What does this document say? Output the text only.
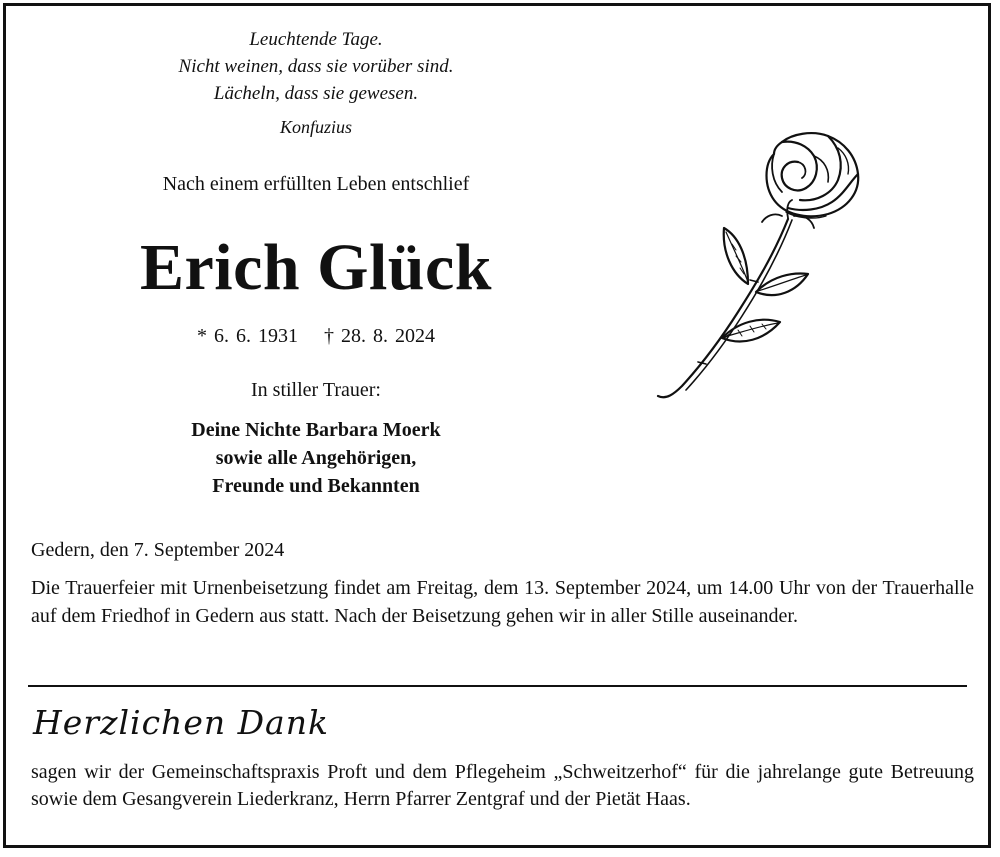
Leuchtende Tage.
Nicht weinen, dass sie vorüber sind.
Lächeln, dass sie gewesen.
Konfuzius
Nach einem erfüllten Leben entschlief
Erich Glück
* 6. 6. 1931 † 28. 8. 2024
In stiller Trauer:
Deine Nichte Barbara Moerk
sowie alle Angehörigen,
Freunde und Bekannten
Gedern, den 7. September 2024
Die Trauerfeier mit Urnenbeisetzung findet am Freitag, dem 13. September 2024, um 14.00 Uhr von der Trauerhalle auf dem Friedhof in Gedern aus statt. Nach der Beisetzung gehen wir in aller Stille auseinander.
Herzlichen Dank
sagen wir der Gemeinschaftspraxis Proft und dem Pflegeheim „Schweitzerhof“ für die jahrelange gute Betreuung sowie dem Gesangverein Liederkranz, Herrn Pfarrer Zentgraf und der Pietät Haas.
